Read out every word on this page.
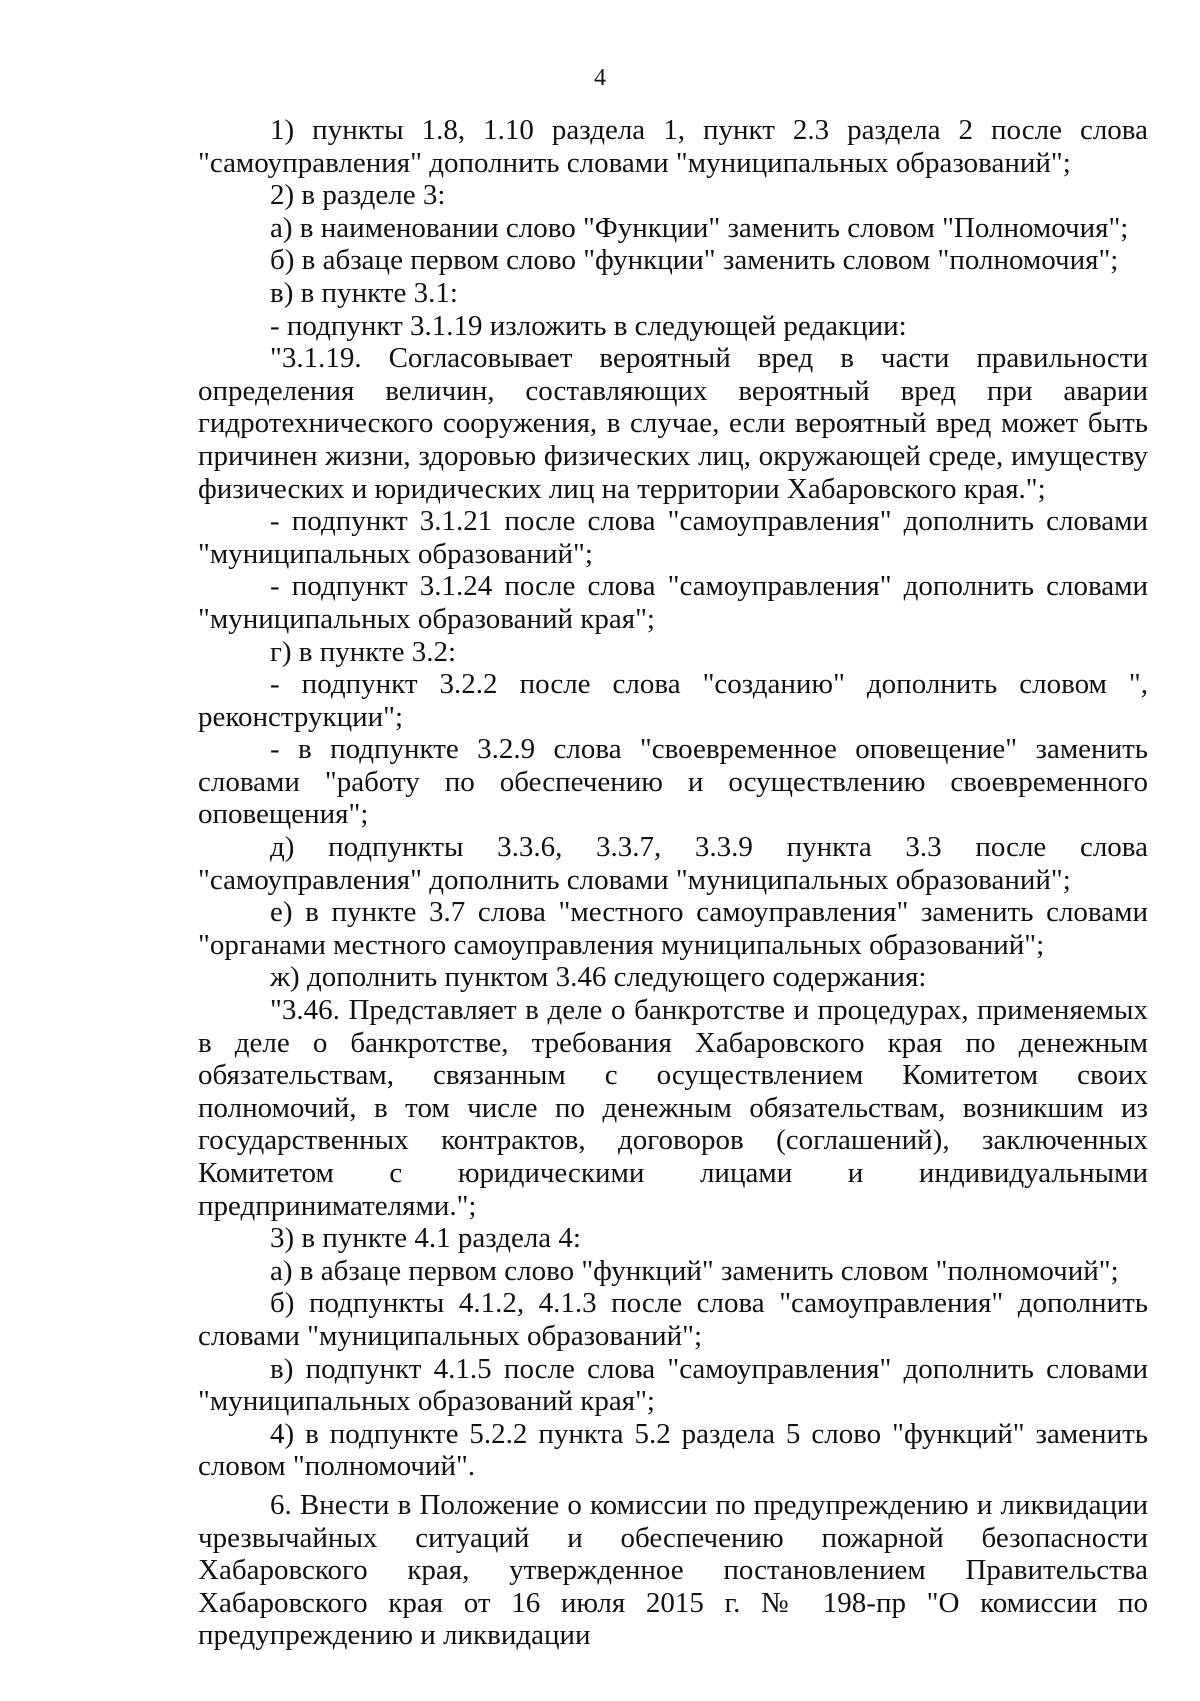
4

1) пункты 1.8, 1.10 раздела 1, пункт 2.3 раздела 2 после слова "самоуправления" дополнить словами "муниципальных образований";

2) в разделе 3:

а) в наименовании слово "Функции" заменить словом "Полномочия";

б) в абзаце первом слово "функции" заменить словом "полномочия";

в) в пункте 3.1:

- подпункт 3.1.19 изложить в следующей редакции:

"3.1.19. Согласовывает вероятный вред в части правильности определения величин, составляющих вероятный вред при аварии гидротехнического сооружения, в случае, если вероятный вред может быть причинен жизни, здоровью физических лиц, окружающей среде, имуществу физических и юридических лиц на территории Хабаровского края.";

- подпункт 3.1.21 после слова "самоуправления" дополнить словами "муниципальных образований";

- подпункт 3.1.24 после слова "самоуправления" дополнить словами "муниципальных образований края";

г) в пункте 3.2:

- подпункт 3.2.2 после слова "созданию" дополнить словом ", реконструкции";

- в подпункте 3.2.9 слова "своевременное оповещение" заменить словами "работу по обеспечению и осуществлению своевременного оповещения";

д) подпункты 3.3.6, 3.3.7, 3.3.9 пункта 3.3 после слова "самоуправления" дополнить словами "муниципальных образований";

е) в пункте 3.7 слова "местного самоуправления" заменить словами "органами местного самоуправления муниципальных образований";

ж) дополнить пунктом 3.46 следующего содержания:

"3.46. Представляет в деле о банкротстве и процедурах, применяемых в деле о банкротстве, требования Хабаровского края по денежным обязательствам, связанным с осуществлением Комитетом своих полномочий, в том числе по денежным обязательствам, возникшим из государственных контрактов, договоров (соглашений), заключенных Комитетом с юридическими лицами и индивидуальными предпринимателями.";

3) в пункте 4.1 раздела 4:

а) в абзаце первом слово "функций" заменить словом "полномочий";

б) подпункты 4.1.2, 4.1.3 после слова "самоуправления" дополнить словами "муниципальных образований";

в) подпункт 4.1.5 после слова "самоуправления" дополнить словами "муниципальных образований края";

4) в подпункте 5.2.2 пункта 5.2 раздела 5 слово "функций" заменить словом "полномочий".

6. Внести в Положение о комиссии по предупреждению и ликвидации чрезвычайных ситуаций и обеспечению пожарной безопасности Хабаровского края, утвержденное постановлением Правительства Хабаровского края от 16 июля 2015 г. № 198-пр "О комиссии по предупреждению и ликвидации
